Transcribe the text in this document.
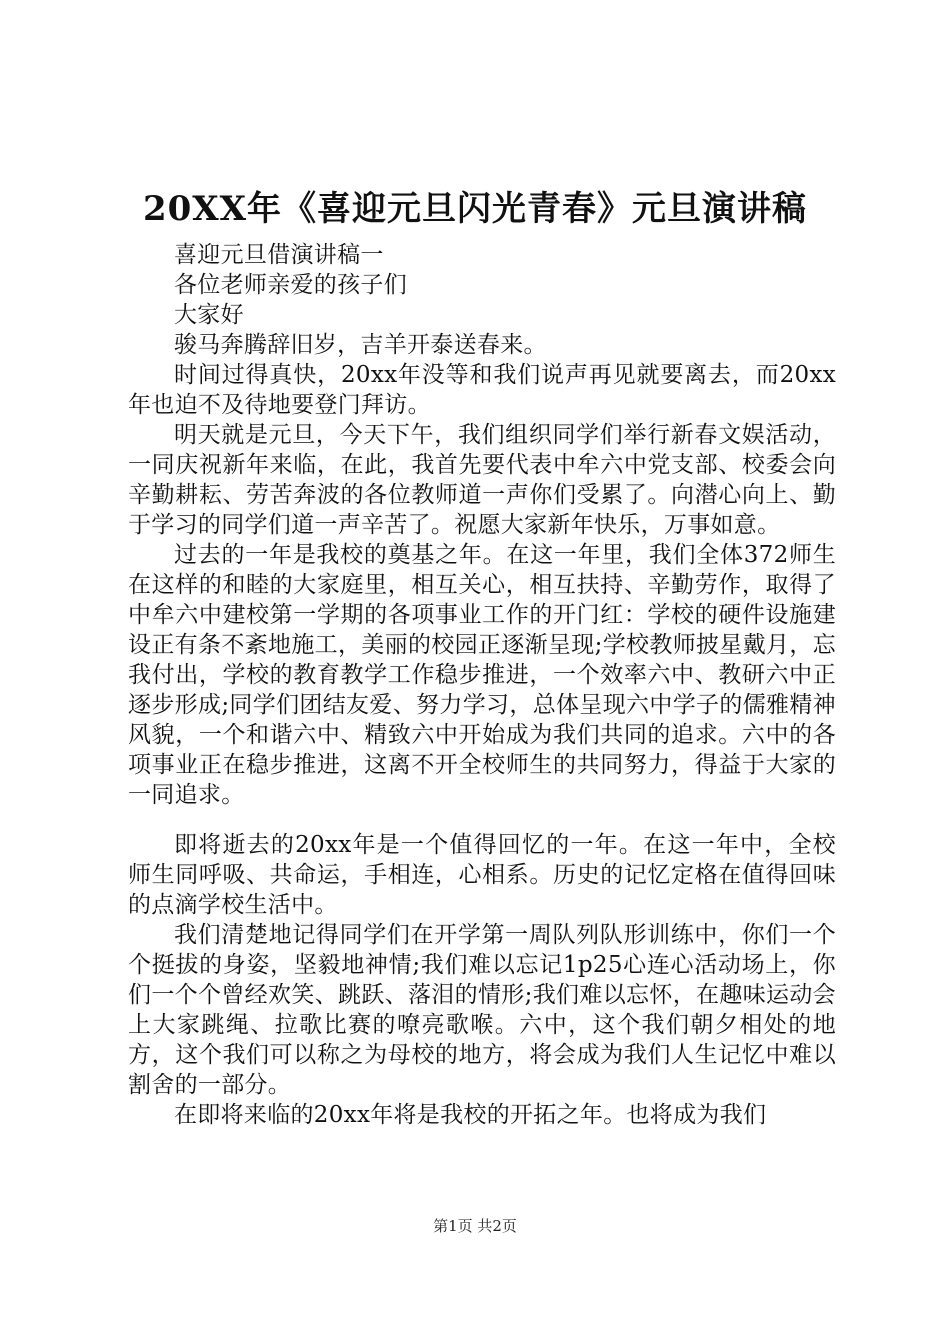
20XX年《喜迎元旦闪光青春》元旦演讲稿

喜迎元旦借演讲稿一

各位老师亲爱的孩子们

大家好

骏马奔腾辞旧岁，吉羊开泰送春来。

时间过得真快，20xx年没等和我们说声再见就要离去，而20xx年也迫不及待地要登门拜访。

明天就是元旦，今天下午，我们组织同学们举行新春文娱活动，一同庆祝新年来临，在此，我首先要代表中牟六中党支部、校委会向辛勤耕耘、劳苦奔波的各位教师道一声你们受累了。向潜心向上、勤于学习的同学们道一声辛苦了。祝愿大家新年快乐，万事如意。

过去的一年是我校的奠基之年。在这一年里，我们全体372师生在这样的和睦的大家庭里，相互关心，相互扶持、辛勤劳作，取得了中牟六中建校第一学期的各项事业工作的开门红：学校的硬件设施建设正有条不紊地施工，美丽的校园正逐渐呈现;学校教师披星戴月，忘我付出，学校的教育教学工作稳步推进，一个效率六中、教研六中正逐步形成;同学们团结友爱、努力学习，总体呈现六中学子的儒雅精神风貌，一个和谐六中、精致六中开始成为我们共同的追求。六中的各项事业正在稳步推进，这离不开全校师生的共同努力，得益于大家的一同追求。

即将逝去的20xx年是一个值得回忆的一年。在这一年中，全校师生同呼吸、共命运，手相连，心相系。历史的记忆定格在值得回味的点滴学校生活中。

我们清楚地记得同学们在开学第一周队列队形训练中，你们一个个挺拔的身姿，坚毅地神情;我们难以忘记1p25心连心活动场上，你们一个个曾经欢笑、跳跃、落泪的情形;我们难以忘怀，在趣味运动会上大家跳绳、拉歌比赛的嘹亮歌喉。六中，这个我们朝夕相处的地方，这个我们可以称之为母校的地方，将会成为我们人生记忆中难以割舍的一部分。

在即将来临的20xx年将是我校的开拓之年。也将成为我们

第1页 共2页
